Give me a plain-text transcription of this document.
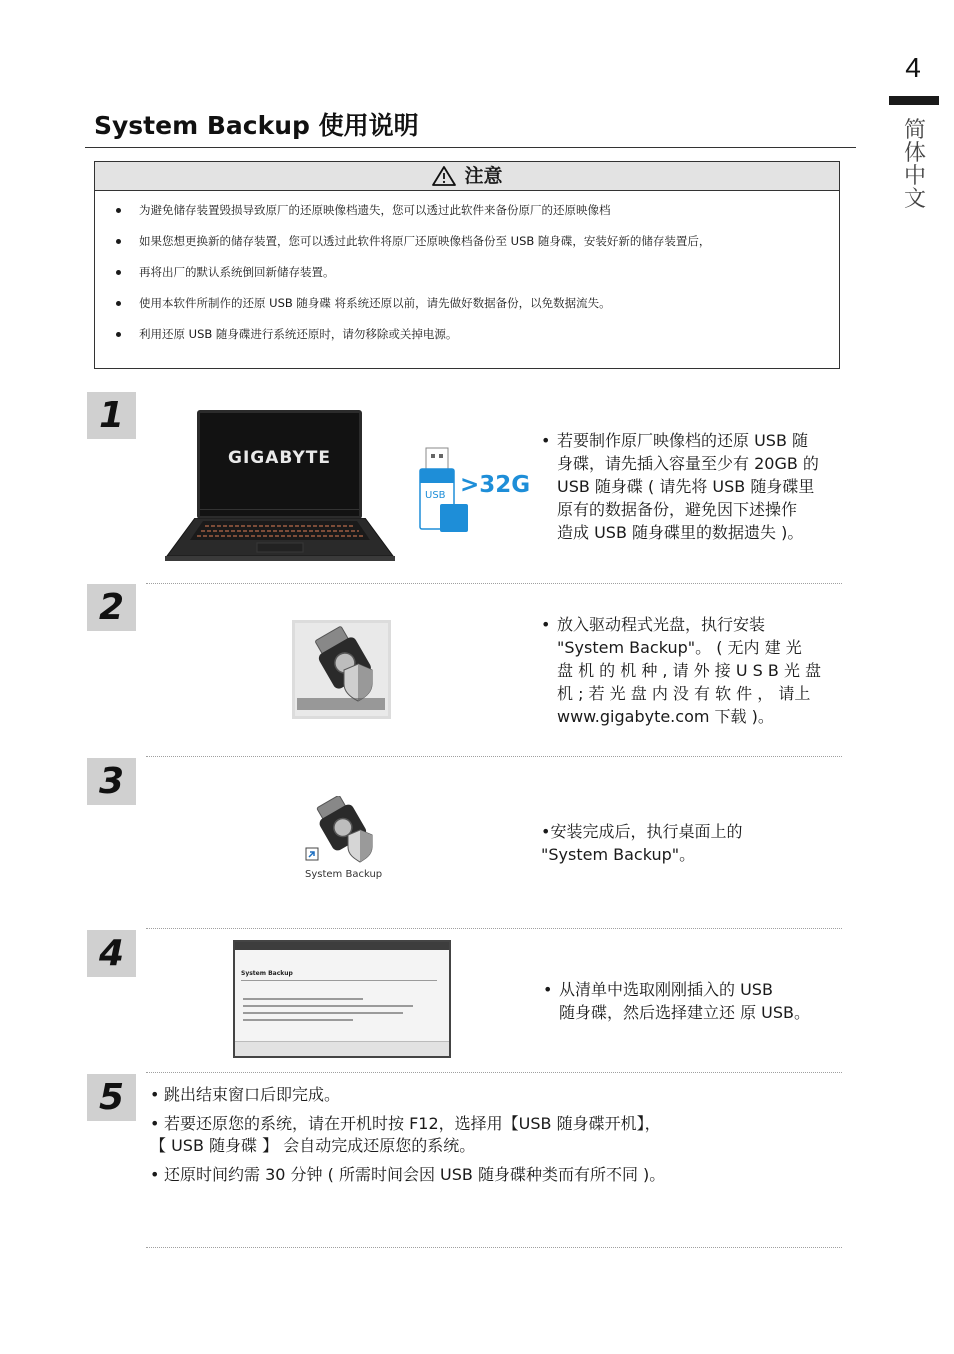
4
简
体
中
文
System Backup 使用说明
注意
为避免储存装置毁损导致原厂的还原映像档遗失，您可以透过此软件来备份原厂的还原映像档
如果您想更换新的储存装置，您可以透过此软件将原厂还原映像档备份至 USB 随身碟，安装好新的储存装置后，
再将出厂的默认系统倒回新储存装置。
使用本软件所制作的还原 USB 随身碟 将系统还原以前，请先做好数据备份，以免数据流失。
利用还原 USB 随身碟进行系统还原时，请勿移除或关掉电源。
1
GIGABYTE
USB >32G
• 若要制作原厂映像档的还原 USB 随
身碟，请先插入容量至少有 20GB 的
USB 随身碟 ( 请先将 USB 随身碟里
原有的数据备份，避免因下述操作
造成 USB 随身碟里的数据遗失 )。
2	• 放入驱动程式光盘，执行安装
"System Backup"。 ( 无内 建 光
盘 机 的 机 种 , 请 外 接 U S B 光 盘
机 ; 若 光 盘 内 没 有 软 件 ， 请上
www.gigabyte.com 下载 )。
3
System Backup
•安装完成后，执行桌面上的
"System Backup"。
4	System Backup
• 从清单中选取刚刚插入的 USB
随身碟，然后选择建立还 原 USB。
5	• 跳出结束窗口后即完成。
• 若要还原您的系统，请在开机时按 F12，选择用【USB 随身碟开机】，
【 USB 随身碟 】 会自动完成还原您的系统。
• 还原时间约需 30 分钟 ( 所需时间会因 USB 随身碟种类而有所不同 )。
